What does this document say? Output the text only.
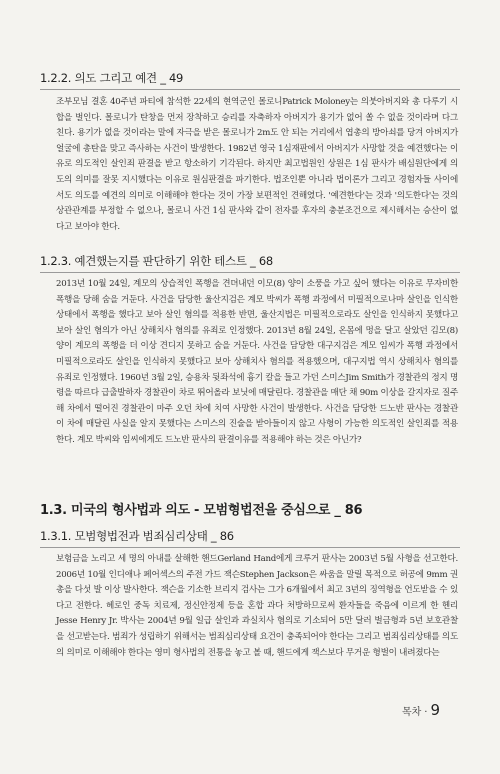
1.2.2. 의도 그리고 예견 _ 49

조부모님 결혼 40주년 파티에 참석한 22세의 현역군인 몰로니Patrick Moloney는 의붓아버지와 총 다루기 시합을 벌인다. 몰로니가 탄창을 먼저 장착하고 승리를 자축하자 아버지가 용기가 없어 쏠 수 없을 것이라며 다그친다. 용기가 없을 것이라는 말에 자극을 받은 몰로니가 2m도 안 되는 거리에서 엽총의 방아쇠를 당겨 아버지가 얼굴에 총탄을 맞고 즉사하는 사건이 발생한다. 1982년 영국 1심재판에서 아버지가 사망할 것을 예견했다는 이유로 의도적인 살인죄 판결을 받고 항소하기 기각된다. 하지만 최고법원인 상원은 1심 판사가 배심원단에게 의도의 의미를 잘못 지시했다는 이유로 원심판결을 파기한다. 법조인뿐 아니라 법이론가 그리고 경험자들 사이에서도 의도를 예견의 의미로 이해해야 한다는 것이 가장 보편적인 견해였다. '예견한다'는 것과 '의도한다'는 것의 상관관계를 부정할 수 없으나, 몰로니 사건 1심 판사와 같이 전자를 후자의 충분조건으로 제시해서는 승산이 없다고 보아야 한다.

1.2.3. 예견했는지를 판단하기 위한 테스트 _ 68

2013년 10월 24일, 계모의 상습적인 폭행을 견뎌내던 이모(8) 양이 소풍을 가고 싶어 했다는 이유로 무자비한 폭행을 당해 숨을 거둔다. 사건을 담당한 울산지검은 계모 박씨가 폭행 과정에서 미필적으로나마 살인을 인식한 상태에서 폭행을 했다고 보아 살인 혐의를 적용한 반면, 울산지법은 미필적으로라도 살인을 인식하지 못했다고 보아 살인 혐의가 아닌 상해치사 혐의를 유죄로 인정했다. 2013년 8월 24일, 온몸에 멍을 달고 살았던 김모(8) 양이 계모의 폭행을 더 이상 견디지 못하고 숨을 거둔다. 사건을 담당한 대구지검은 계모 임씨가 폭행 과정에서 미필적으로라도 살인을 인식하지 못했다고 보아 상해치사 혐의를 적용했으며, 대구지법 역시 상해치사 혐의를 유죄로 인정했다. 1960년 3월 2일, 승용차 뒷좌석에 흉기 칼을 들고 가던 스미스Jim Smith가 경찰관의 정지 명령을 따르다 급출발하자 경찰관이 차로 뛰어올라 보닛에 매달린다. 경찰관을 매단 채 90m 이상을 갈지자로 질주해 차에서 떨어진 경찰관이 마주 오던 차에 치여 사망한 사건이 발생한다. 사건을 담당한 드노반 판사는 경찰관이 차에 매달린 사실을 알지 못했다는 스미스의 진술을 받아들이지 않고 사형이 가능한 의도적인 살인죄를 적용한다. 계모 박씨와 임씨에게도 드노반 판사의 판결이유를 적용해야 하는 것은 아닌가?

1.3. 미국의 형사법과 의도 - 모범형법전을 중심으로 _ 86
1.3.1. 모범형법전과 범죄심리상태 _ 86

보험금을 노리고 세 명의 아내를 살해한 핸드Gerland Hand에게 크루거 판사는 2003년 5월 사형을 선고한다. 2006년 10월 인디애나 페어섹스의 주전 가드 잭슨Stephen Jackson은 싸움을 말릴 목적으로 허공에 9mm 권총을 다섯 발 이상 발사한다. 잭슨을 기소한 브리지 검사는 그가 6개월에서 최고 3년의 징역형을 언도받을 수 있다고 전한다. 헤로인 중독 치료제, 정신안정제 등을 혼합 과다 처방하므로써 환자들을 죽음에 이르게 한 헨리Jesse Henry Jr. 박사는 2004년 9월 일급 살인과 과실치사 혐의로 기소되어 5만 달러 벌금형과 5년 보호관찰을 선고받는다. 범죄가 성립하기 위해서는 범죄심리상태 요건이 충족되어야 한다는 그리고 범죄심리상태를 의도의 의미로 이해해야 한다는 영미 형사법의 전통을 놓고 볼 때, 핸드에게 잭스보다 무거운 형벌이 내려졌다는

목차 · 9
